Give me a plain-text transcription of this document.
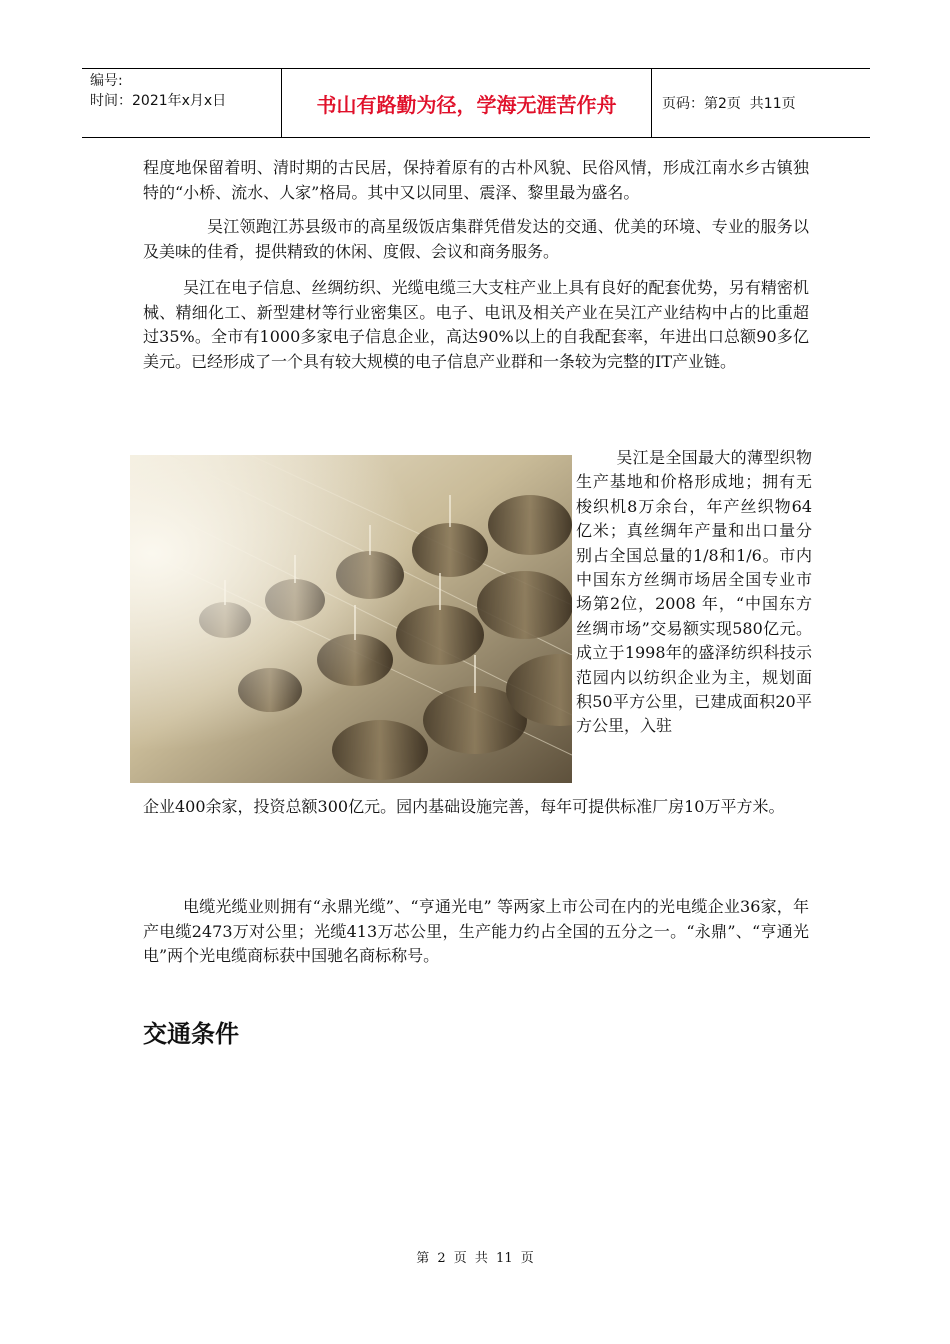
编号:
时间：2021年x月x日	书山有路勤为径，学海无涯苦作舟	页码：第2页  共11页

程度地保留着明、清时期的古民居，保持着原有的古朴风貌、民俗风情，形成江南水乡古镇独特的“小桥、流水、人家”格局。其中又以同里、震泽、黎里最为盛名。

吴江领跑江苏县级市的高星级饭店集群凭借发达的交通、优美的环境、专业的服务以及美味的佳肴，提供精致的休闲、度假、会议和商务服务。

吴江在电子信息、丝绸纺织、光缆电缆三大支柱产业上具有良好的配套优势，另有精密机械、精细化工、新型建材等行业密集区。电子、电讯及相关产业在吴江产业结构中占的比重超过35%。全市有1000多家电子信息企业，高达90%以上的自我配套率，年进出口总额90多亿美元。已经形成了一个具有较大规模的电子信息产业群和一条较为完整的IT产业链。

吴江是全国最大的薄型织物生产基地和价格形成地；拥有无梭织机8万余台，年产丝织物64亿米；真丝绸年产量和出口量分别占全国总量的1/8和1/6。市内中国东方丝绸市场居全国专业市场第2位，2008 年，“中国东方丝绸市场”交易额实现580亿元。成立于1998年的盛泽纺织科技示范园内以纺织企业为主，规划面积50平方公里，已建成面积20平方公里，入驻
企业400余家，投资总额300亿元。园内基础设施完善，每年可提供标准厂房10万平方米。

电缆光缆业则拥有“永鼎光缆”、“亨通光电” 等两家上市公司在内的光电缆企业36家，年产电缆2473万对公里；光缆413万芯公里，生产能力约占全国的五分之一。“永鼎”、“亨通光电”两个光电缆商标获中国驰名商标称号。

交通条件
第 2 页 共 11 页
